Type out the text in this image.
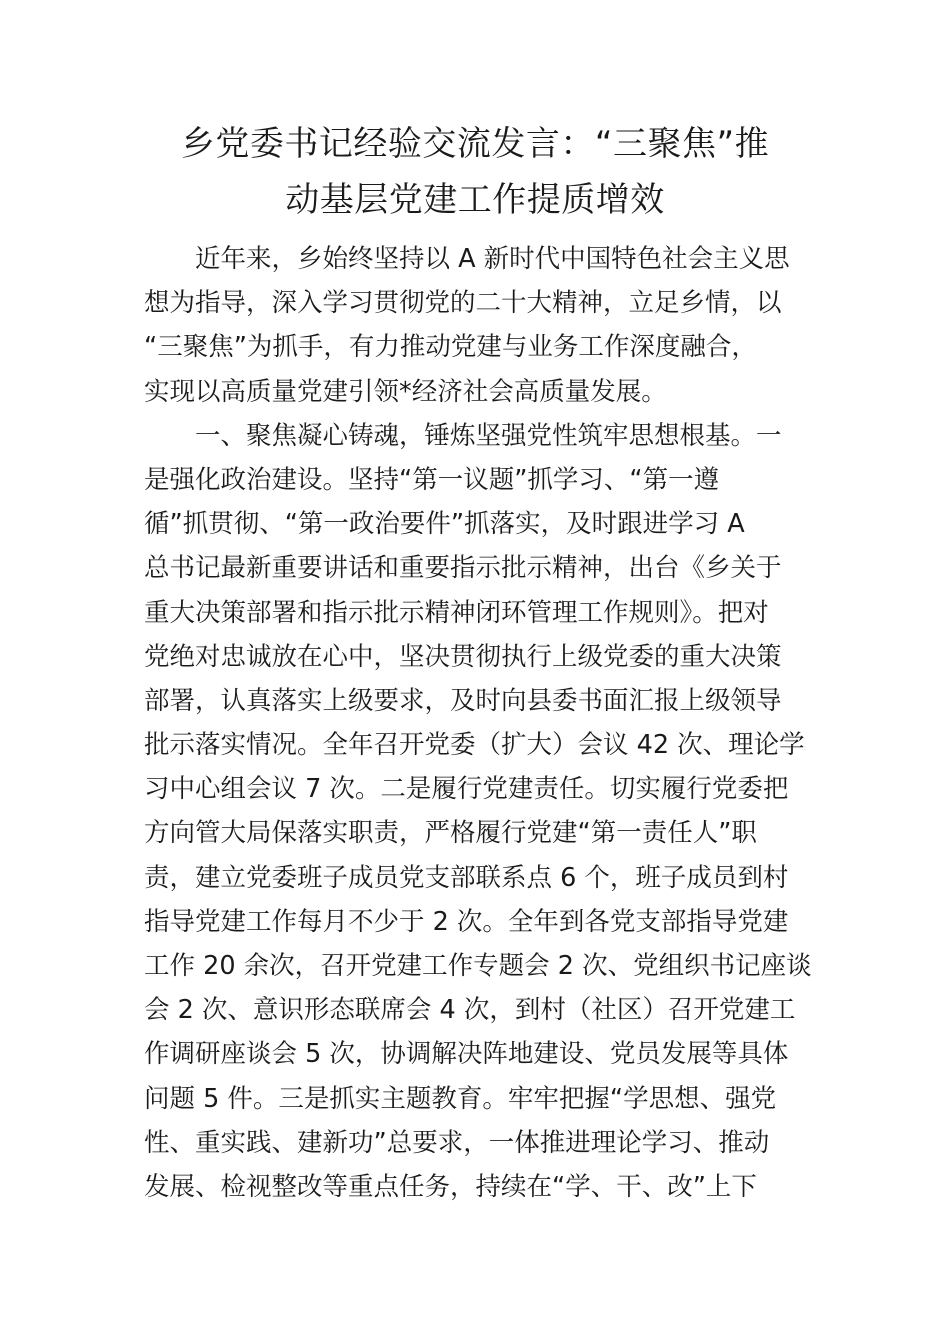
乡党委书记经验交流发言：“三聚焦”推
动基层党建工作提质增效
近年来，乡始终坚持以 A 新时代中国特色社会主义思
想为指导，深入学习贯彻党的二十大精神，立足乡情，以
“三聚焦”为抓手，有力推动党建与业务工作深度融合，
实现以高质量党建引领*经济社会高质量发展。
一、聚焦凝心铸魂，锤炼坚强党性筑牢思想根基。一
是强化政治建设。坚持“第一议题”抓学习、“第一遵
循”抓贯彻、“第一政治要件”抓落实，及时跟进学习 A
总书记最新重要讲话和重要指示批示精神，出台《乡关于
重大决策部署和指示批示精神闭环管理工作规则》。把对
党绝对忠诚放在心中，坚决贯彻执行上级党委的重大决策
部署，认真落实上级要求，及时向县委书面汇报上级领导
批示落实情况。全年召开党委（扩大）会议 42 次、理论学
习中心组会议 7 次。二是履行党建责任。切实履行党委把
方向管大局保落实职责，严格履行党建“第一责任人”职
责，建立党委班子成员党支部联系点 6 个，班子成员到村
指导党建工作每月不少于 2 次。全年到各党支部指导党建
工作 20 余次，召开党建工作专题会 2 次、党组织书记座谈
会 2 次、意识形态联席会 4 次，到村（社区）召开党建工
作调研座谈会 5 次，协调解决阵地建设、党员发展等具体
问题 5 件。三是抓实主题教育。牢牢把握“学思想、强党
性、重实践、建新功”总要求，一体推进理论学习、推动
发展、检视整改等重点任务，持续在“学、干、改”上下
